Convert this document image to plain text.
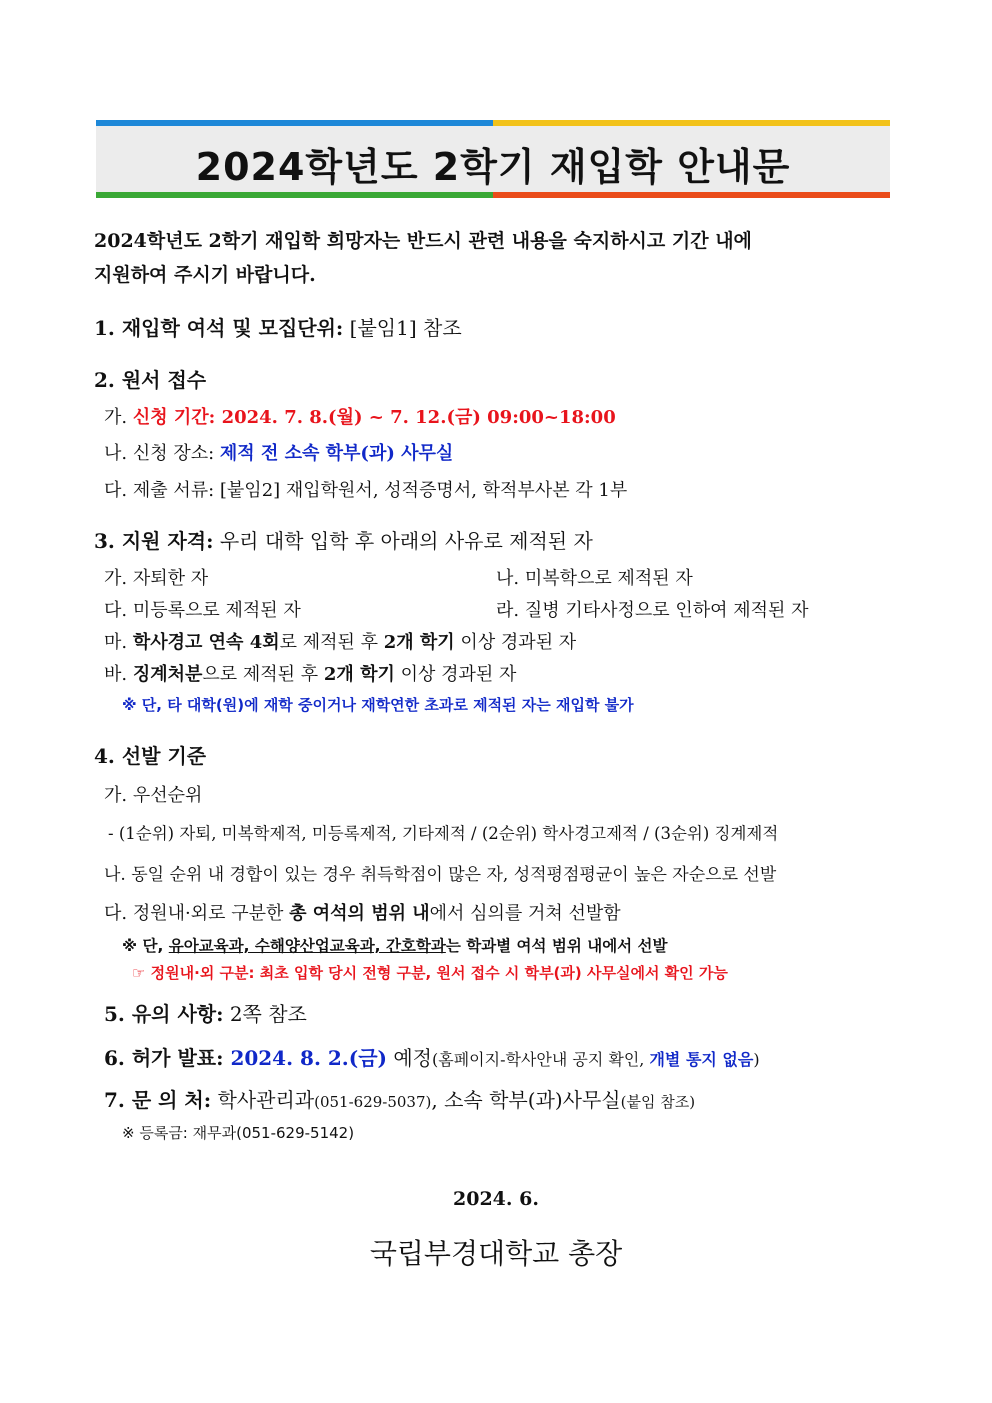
2024학년도 2학기 재입학 안내문
2024학년도 2학기 재입학 희망자는 반드시 관련 내용을 숙지하시고 기간 내에
지원하여 주시기 바랍니다.
1. 재입학 여석 및 모집단위: [붙임1] 참조
2. 원서 접수
가. 신청 기간: 2024. 7. 8.(월) ~ 7. 12.(금) 09:00~18:00
나. 신청 장소: 제적 전 소속 학부(과) 사무실
다. 제출 서류: [붙임2] 재입학원서, 성적증명서, 학적부사본 각 1부
3. 지원 자격: 우리 대학 입학 후 아래의 사유로 제적된 자
가. 자퇴한 자	나. 미복학으로 제적된 자
다. 미등록으로 제적된 자	라. 질병 기타사정으로 인하여 제적된 자
마. 학사경고 연속 4회로 제적된 후 2개 학기 이상 경과된 자
바. 징계처분으로 제적된 후 2개 학기 이상 경과된 자
※ 단, 타 대학(원)에 재학 중이거나 재학연한 초과로 제적된 자는 재입학 불가
4. 선발 기준
가. 우선순위
- (1순위) 자퇴, 미복학제적, 미등록제적, 기타제적 / (2순위) 학사경고제적 / (3순위) 징계제적
나. 동일 순위 내 경합이 있는 경우 취득학점이 많은 자, 성적평점평균이 높은 자순으로 선발
다. 정원내·외로 구분한 총 여석의 범위 내에서 심의를 거쳐 선발함
※ 단, 유아교육과, 수해양산업교육과, 간호학과는 학과별 여석 범위 내에서 선발
☞ 정원내·외 구분: 최초 입학 당시 전형 구분, 원서 접수 시 학부(과) 사무실에서 확인 가능
5. 유의 사항: 2쪽 참조
6. 허가 발표: 2024. 8. 2.(금) 예정(홈페이지-학사안내 공지 확인, 개별 통지 없음)
7. 문 의 처: 학사관리과(051-629-5037), 소속 학부(과)사무실(붙임 참조)
※ 등록금: 재무과(051-629-5142)
2024. 6.
국립부경대학교 총장
